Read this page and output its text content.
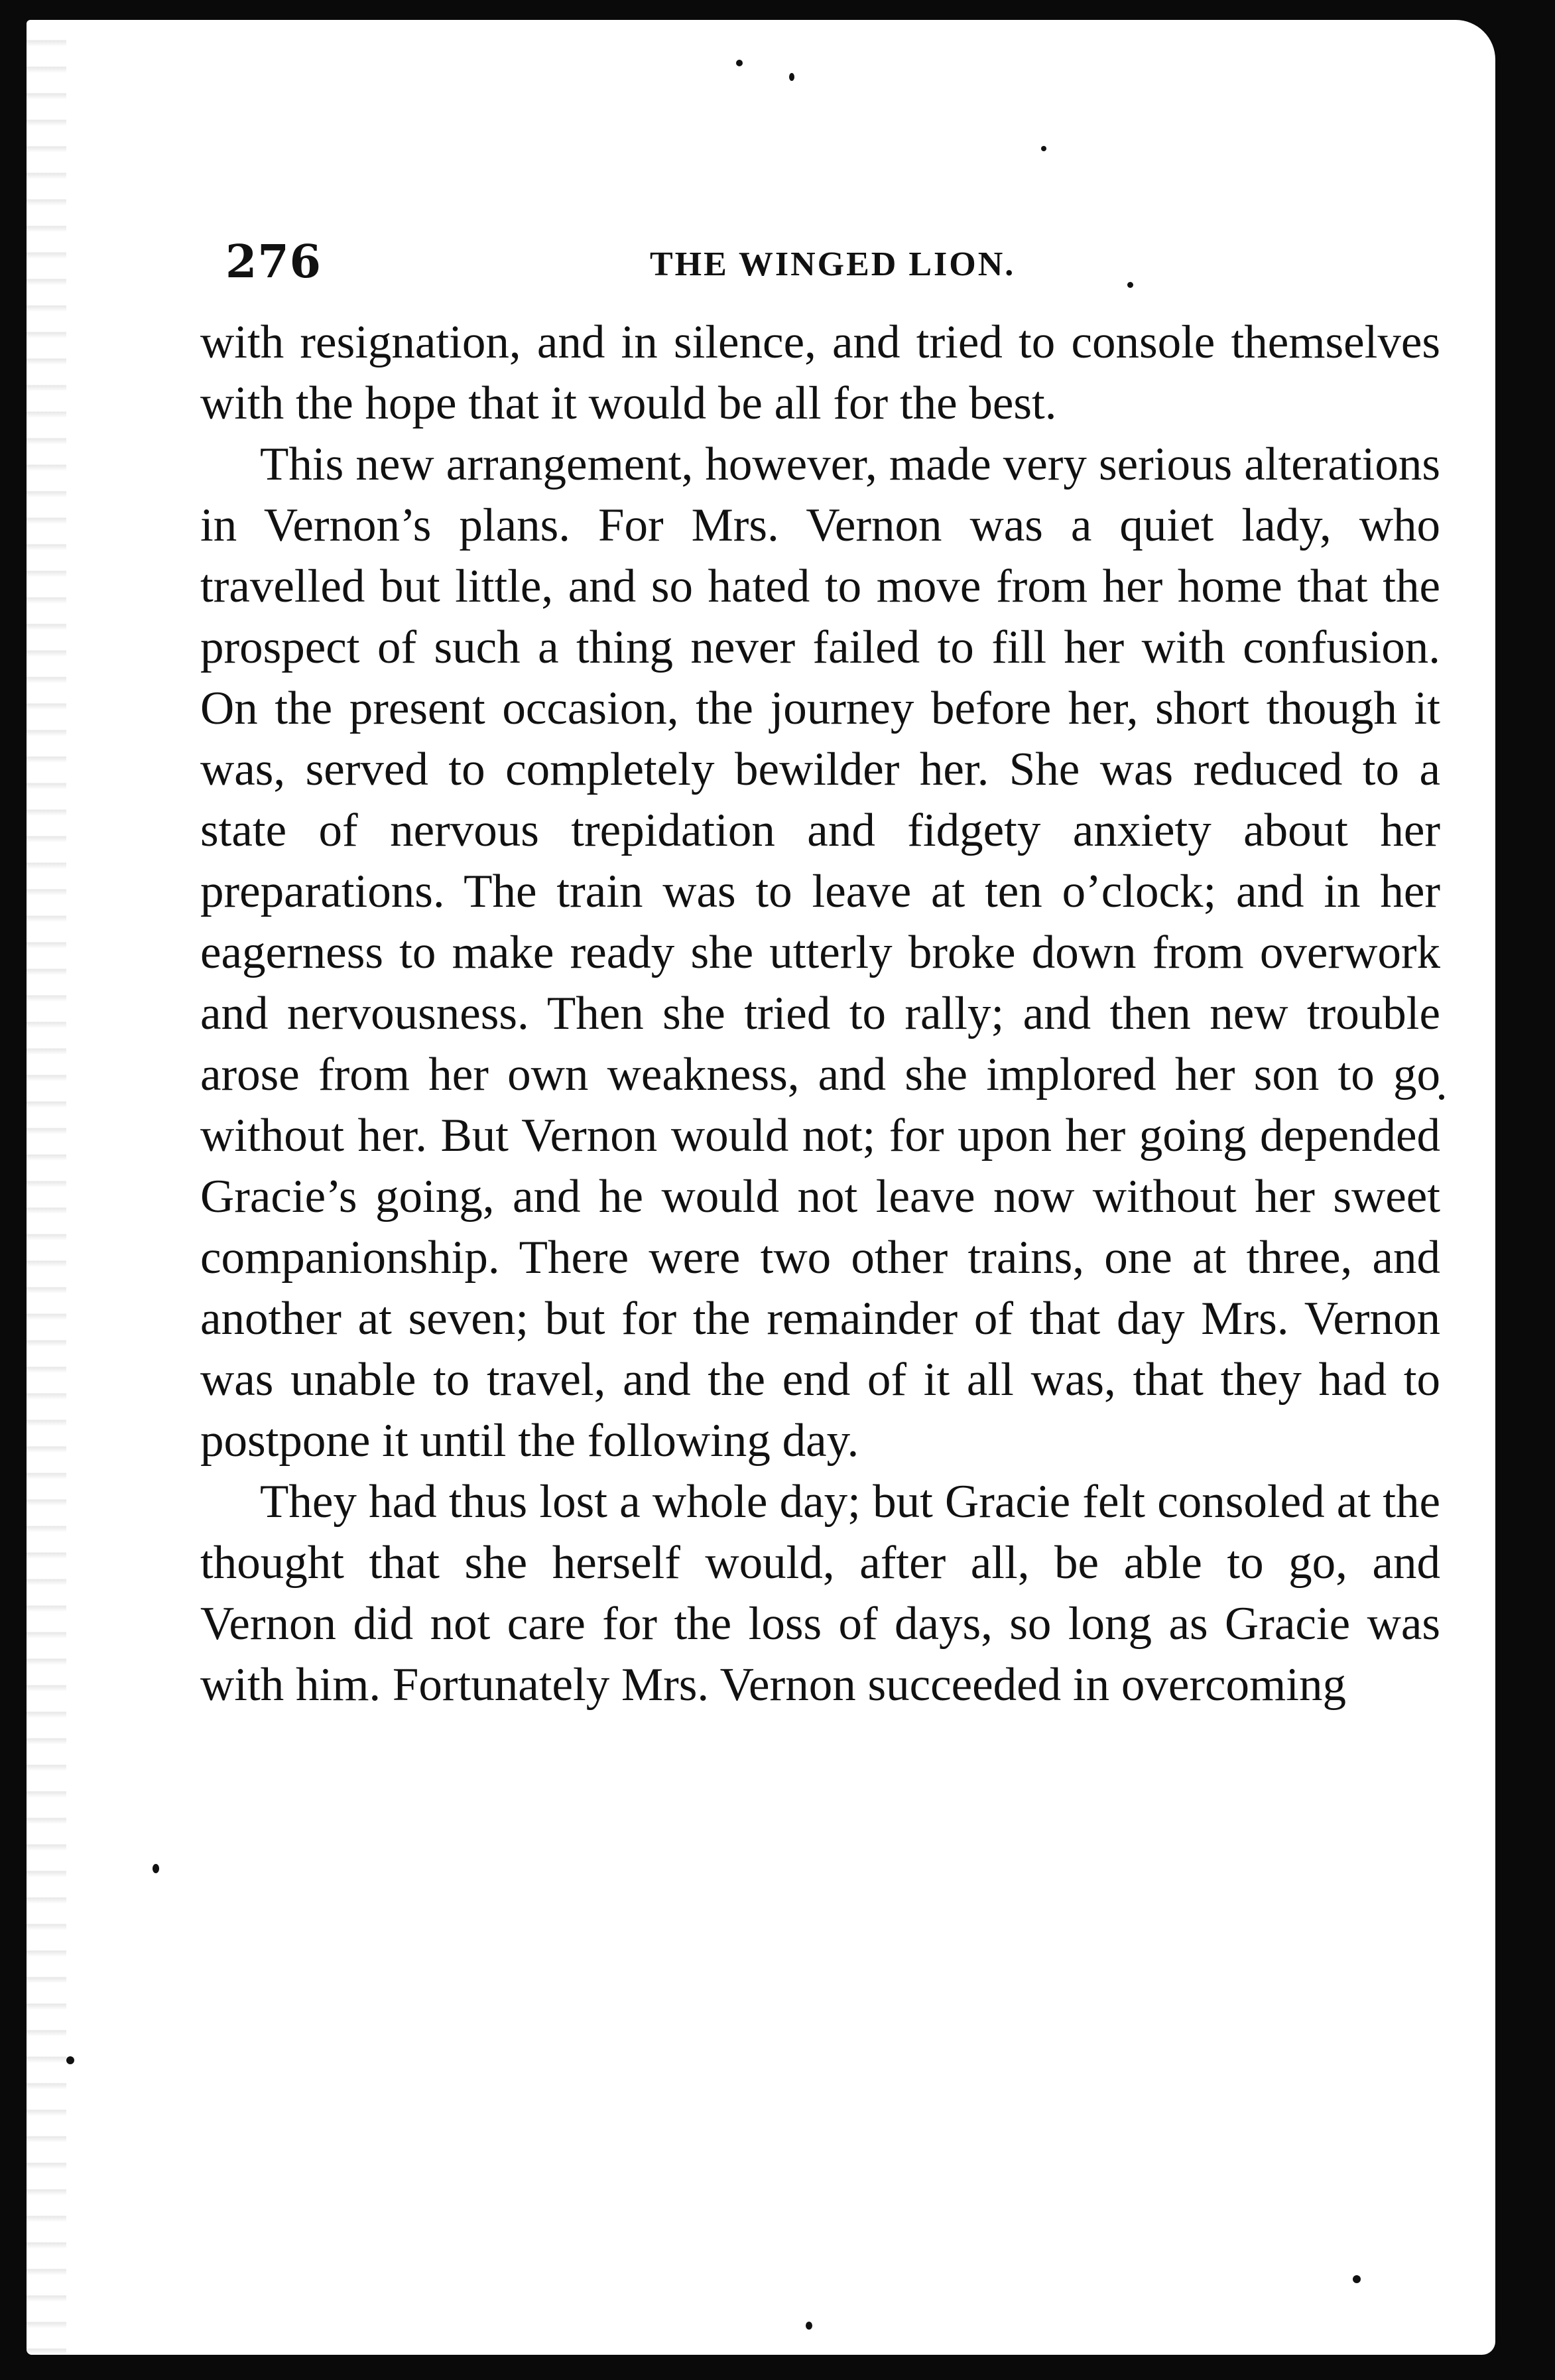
276	THE WINGED LION.

with resignation, and in silence, and tried to console themselves with the hope that it would be all for the best.

This new arrangement, however, made very serious alterations in Vernon’s plans. For Mrs. Vernon was a quiet lady, who travelled but little, and so hated to move from her home that the prospect of such a thing never failed to fill her with confusion. On the present occasion, the journey before her, short though it was, served to completely bewilder her. She was reduced to a state of nervous trepidation and fidgety anxiety about her preparations. The train was to leave at ten o’clock; and in her eagerness to make ready she utterly broke down from overwork and nervousness. Then she tried to rally; and then new trouble arose from her own weakness, and she implored her son to go without her. But Vernon would not; for upon her going depended Gracie’s going, and he would not leave now without her sweet companionship. There were two other trains, one at three, and another at seven; but for the remainder of that day Mrs. Vernon was unable to travel, and the end of it all was, that they had to postpone it until the following day.

They had thus lost a whole day; but Gracie felt consoled at the thought that she herself would, after all, be able to go, and Vernon did not care for the loss of days, so long as Gracie was with him. Fortunately Mrs. Vernon succeeded in overcoming
